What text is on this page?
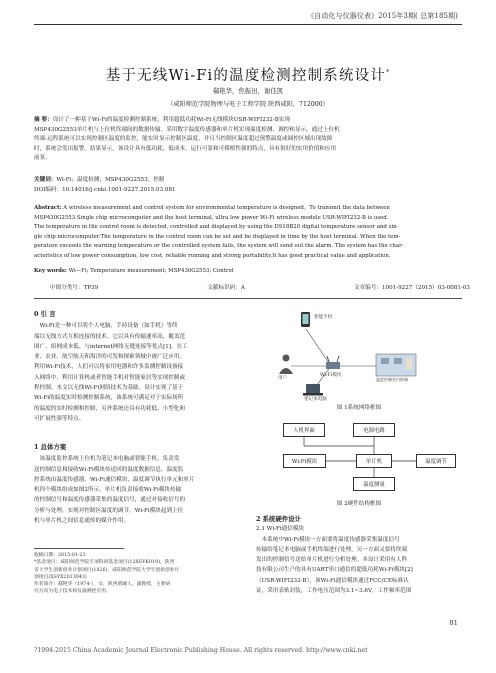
《自动化与仪器仪表》2015年3期( 总第185期)
基于无线Wi-Fi的温度检测控制系统设计*
郗艳华，焦振田，谢佳凯
（咸阳师范学院物理与电子工程学院 陕西咸阳，712000）
摘 要：设计了一种基于Wi-Fi的温度检测控制系统，利用超低功耗Wi-Fi无线模块USR-WIFI232-B实现
MSP430G2553单片机与上位机终端间的数据传输。采用数字温度传感器和单片机实现温度检测、调控和显示，通过上位机
终端-远程系统可以实现控制区温度的监控，能实时显示控制区温度，并且当控制区温度超过预警温度或调控区域出现故障
时，系统会发出报警。结果显示，该设计具有低功耗，低成本，运行可靠和可移植性强的特点，具有很好的实用价值和应用
前景。
关键词：Wi-Fi；温度检测；MSP430G2553；控制
DOI编码：10.14016/j.cnki.1001-9227.2015.03.081
Abstract: A wireless measurement and control system for environmental temperature is designed。To transmit the data between
MSP430G2553 Single chip microcomputer and the host terminal, ultra low power Wi-Fi wireless module USR-WIFI232-B is used.
The temperature in the control room is detected, controlled and displayed by using the DS18B20 digital temperature sensor and sin-
gle chip microcomputer.The temperature in the control room can be set and be displayed in time by the host terminal. When the tem-
perature exceeds the warning temperature or the controlled system fails, the system will send out the alarm. The system has the char-
acteristics of low power consumption, low cost, reliable running and strong portability.It has good practical value and application.
Key words: Wi—Fi; Temperature measurement; MSP430G2553; Control
中图分类号：TP39	文献标识码：A	文章编号：1001-9227（2015）03-0081-03
0 引 言
Wi-Fi是一种可以将个人电脑、手持设备（如手机）等终
端以无线方式互相连接的技术。它以具有传输速率高、覆盖范
围广、组网成本低、与internet网络无缝连接等优点[1]。在工
业、农业、航空航天和海洋的可发和探索领域中被广泛应用。
利用Wi-Fi技术，人们可以将家用电器和许多监测控制设备接
入网络中，利用计算机或者智能手机对智能家居等实现控制或
程控制。本文以无线Wi-Fi网络技术为基础，设计实现了基于
Wi-Fi的温度实时检测控制系统，该系统可满足对于实际场所
的温度的实时检测和控制，另外系统还具有功耗低、小型化和
可扩展性强等特点。
1 总体方案
该温度监控系统上位机为笔记本电脑或智能手机，负责发
送控制信息和接收Wi-Fi模块传送回的温度数据信息。温度监
控系统由温度传感器、Wi-Fi通信模块、温度调节执行单元和单片
机四个模块组成如图2所示，单片机负责接收Wi-Fi模块传输
的控制信号和温度传感器采集的温度信号，通过对接收信号的
分析与处理，实现对控制区温度的调节。Wi-Fi模块起到上位
机与单片机之间信息通传的媒介作用。
收稿日期：2015-01-23
*基金项目：咸阳师范学院专项科研基金项目(12XSYK019)，陕西
省大学生创新创业计划项目(1826)，咸阳师范学院大学生创新创业计
划项目(XSYX2013043)
作者简介：郗艳华（1974-），女，陕西渭城人，副教授，主要研
究方向为电子技术和仪器测控应用。
智能手机
用户
Wi-Fi模块
温度控制室内终端
笔记本电脑
图 1系统网络框图
人机界面	电源电路
Wi-Fi模块	单片机	温度调节
温度测量
图 2硬件结构框图
2 系统硬件设计
2.1 Wi-Fi通信模块
本系统中Wi-Fi模块一方面要将温度传感器采集温度信号
传输给笔记本电脑或手机终端进行处理，另一方面又要将终端
发出的控制信号送给单片机进行分析处理。本设计采用有人科
技有限公司生产的具有UART串口通信的超低功耗Wi-Fi模块[2]
（USR-WIFI232-B），该Wi-Fi通信模块通过FCC/CE标准认
证，采用表贴封装，工作电压范围为3.1~3.6V，工作频率范围
81
?1994-2015 China Academic Journal Electronic Publishing House. All rights reserved. http://www.cnki.net
